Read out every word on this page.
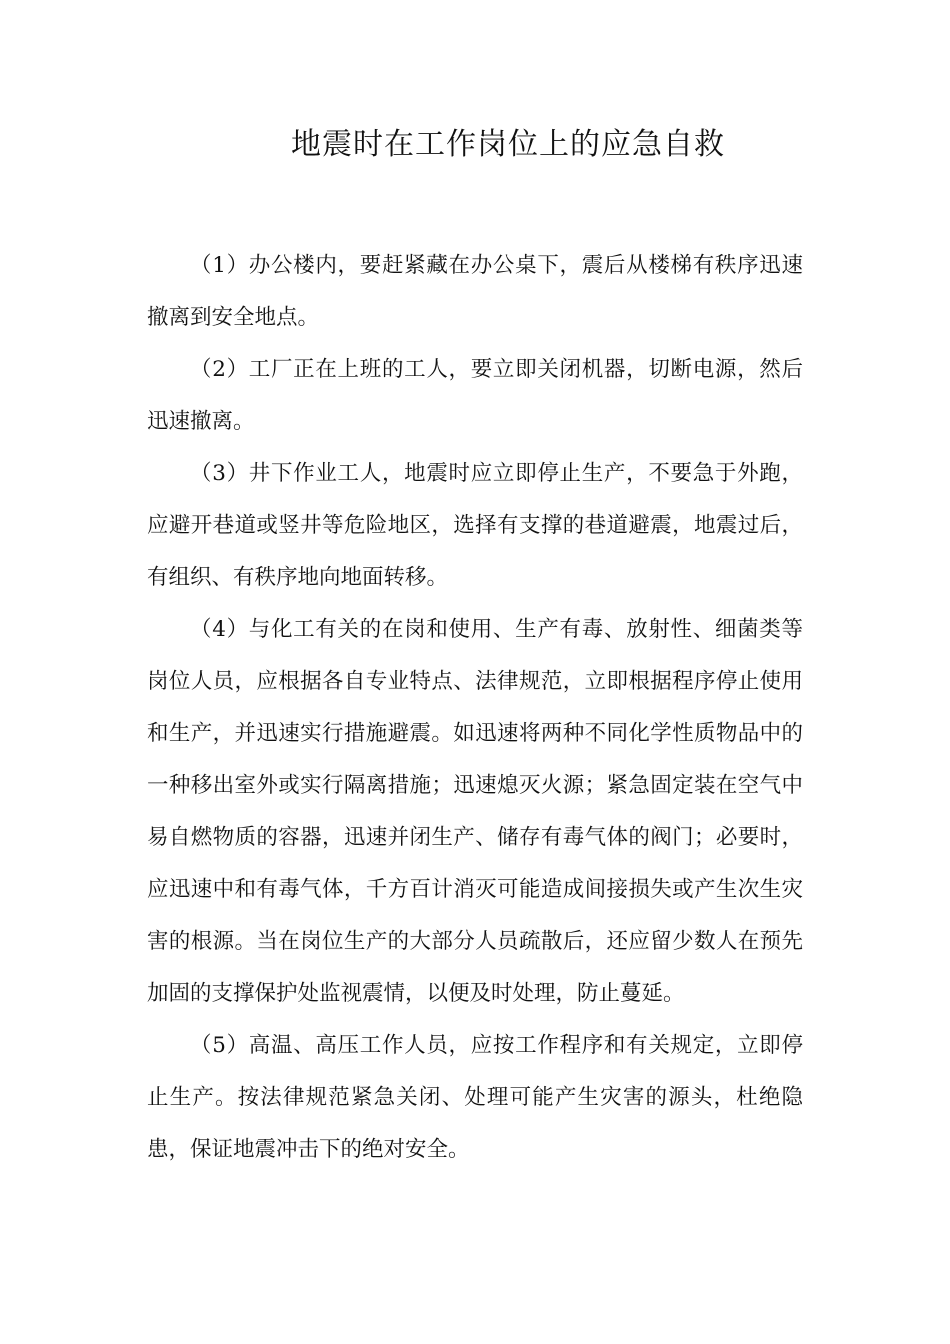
地震时在工作岗位上的应急自救

（1）办公楼内，要赶紧藏在办公桌下，震后从楼梯有秩序迅速撤离到安全地点。

（2）工厂正在上班的工人，要立即关闭机器，切断电源，然后迅速撤离。

（3）井下作业工人，地震时应立即停止生产，不要急于外跑，应避开巷道或竖井等危险地区，选择有支撑的巷道避震，地震过后，有组织、有秩序地向地面转移。

（4）与化工有关的在岗和使用、生产有毒、放射性、细菌类等岗位人员，应根据各自专业特点、法律规范，立即根据程序停止使用和生产，并迅速实行措施避震。如迅速将两种不同化学性质物品中的一种移出室外或实行隔离措施；迅速熄灭火源；紧急固定装在空气中易自燃物质的容器，迅速并闭生产、储存有毒气体的阀门；必要时，应迅速中和有毒气体，千方百计消灭可能造成间接损失或产生次生灾害的根源。当在岗位生产的大部分人员疏散后，还应留少数人在预先加固的支撑保护处监视震情，以便及时处理，防止蔓延。

（5）高温、高压工作人员，应按工作程序和有关规定，立即停止生产。按法律规范紧急关闭、处理可能产生灾害的源头，杜绝隐患，保证地震冲击下的绝对安全。
